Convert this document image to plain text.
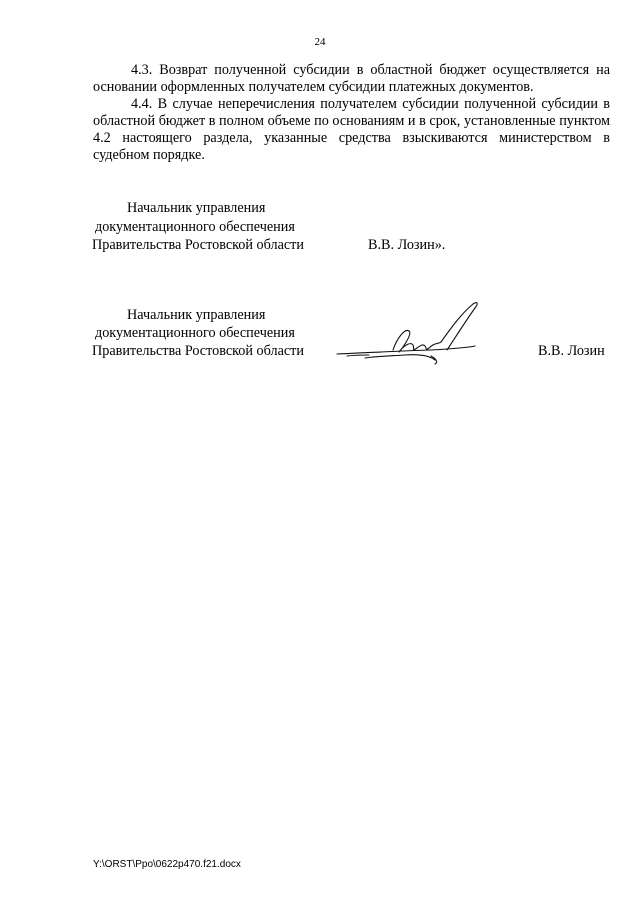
24

4.3. Возврат полученной субсидии в областной бюджет осуществляется на основании оформленных получателем субсидии платежных документов.

4.4. В случае неперечисления получателем субсидии полученной субсидии в областной бюджет в полном объеме по основаниям и в срок, установленные пунктом 4.2 настоящего раздела, указанные средства взыскиваются министерством в судебном порядке.

Начальник управления
документационного обеспечения
Правительства Ростовской области	В.В. Лозин».
Начальник управления
документационного обеспечения
Правительства Ростовской области	В.В. Лозин
Y:\ORST\Ppo\0622p470.f21.docx
